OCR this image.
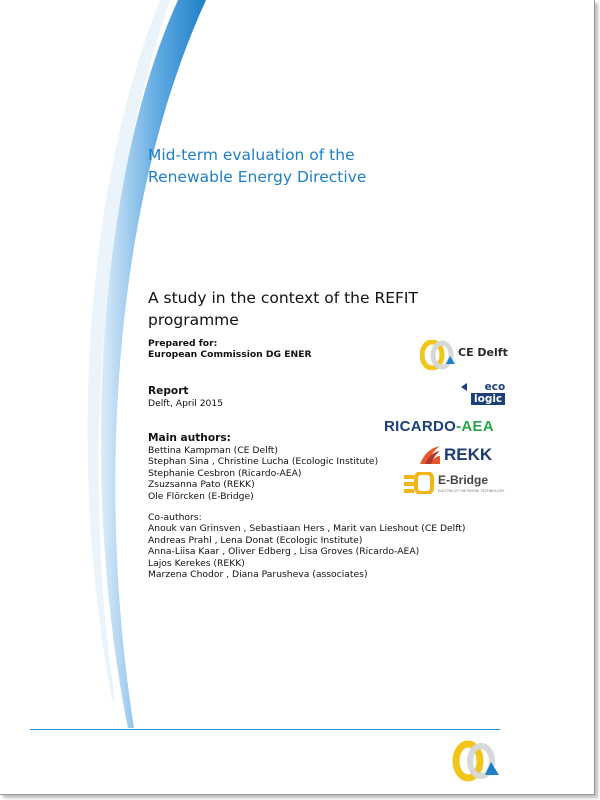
Mid-term evaluation of the
Renewable Energy Directive
A study in the context of the REFIT programme
Prepared for:
European Commission DG ENER
Report
Delft, April 2015
Main authors:
Bettina Kampman (CE Delft)
Stephan Sina , Christine Lucha (Ecologic Institute)
Stephanie Cesbron (Ricardo-AEA)
Zsuzsanna Pato (REKK)
Ole Flörcken (E-Bridge)
Co-authors:
Anouk van Grinsven , Sebastiaan Hers , Marit van Lieshout (CE Delft)
Andreas Prahl , Lena Donat (Ecologic Institute)
Anna-Liisa Kaar , Oliver Edberg , Lisa Groves (Ricardo-AEA)
Lajos Kerekes (REKK)
Marzena Chodor , Diana Parusheva (associates)
CE Delft
eco
logic
RICARDO-AEA
REKK
E-Bridge
ELECTRICITY NETWORK TECHNOLOGY
